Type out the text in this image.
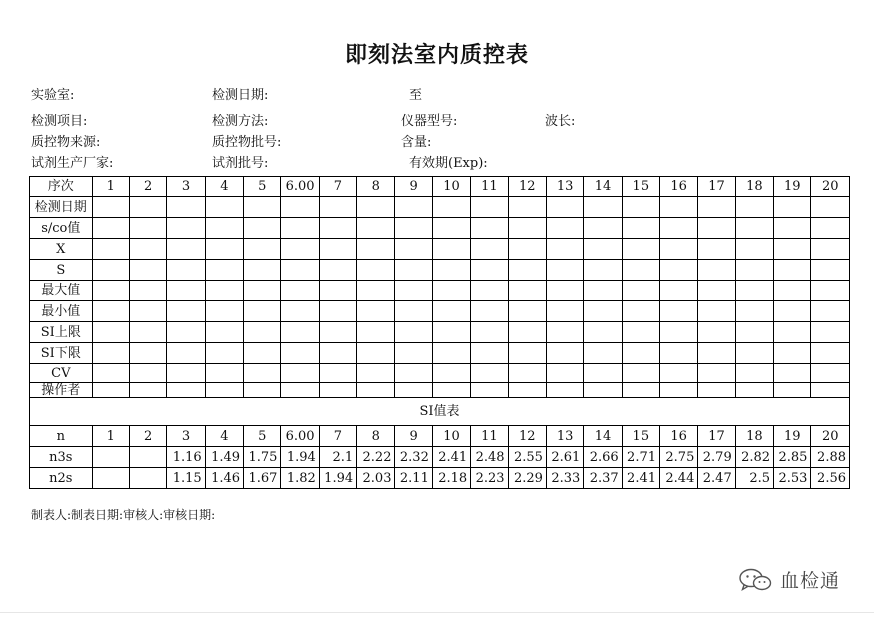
即刻法室内质控表
实验室:	检测日期:	至
检测项目:	检测方法:	仪器型号:	波长:
质控物来源:	质控物批号:	含量:
试剂生产厂家:	试剂批号:	有效期(Exp):
序次	1	2	3	4	5	6.00	7	8	9	10	11	12	13	14	15	16	17	18	19	20
检测日期																				
s/co值																				
X																				
S																				
最大值																				
最小值																				
SI上限																				
SI下限																				
CV																				
操作者																				
SI值表																				
n	1	2	3	4	5	6.00	7	8	9	10	11	12	13	14	15	16	17	18	19	20
n3s			1.16	1.49	1.75	1.94	2.1	2.22	2.32	2.41	2.48	2.55	2.61	2.66	2.71	2.75	2.79	2.82	2.85	2.88
n2s			1.15	1.46	1.67	1.82	1.94	2.03	2.11	2.18	2.23	2.29	2.33	2.37	2.41	2.44	2.47	2.5	2.53	2.56
制表人:制表日期:审核人:审核日期:
血检通
